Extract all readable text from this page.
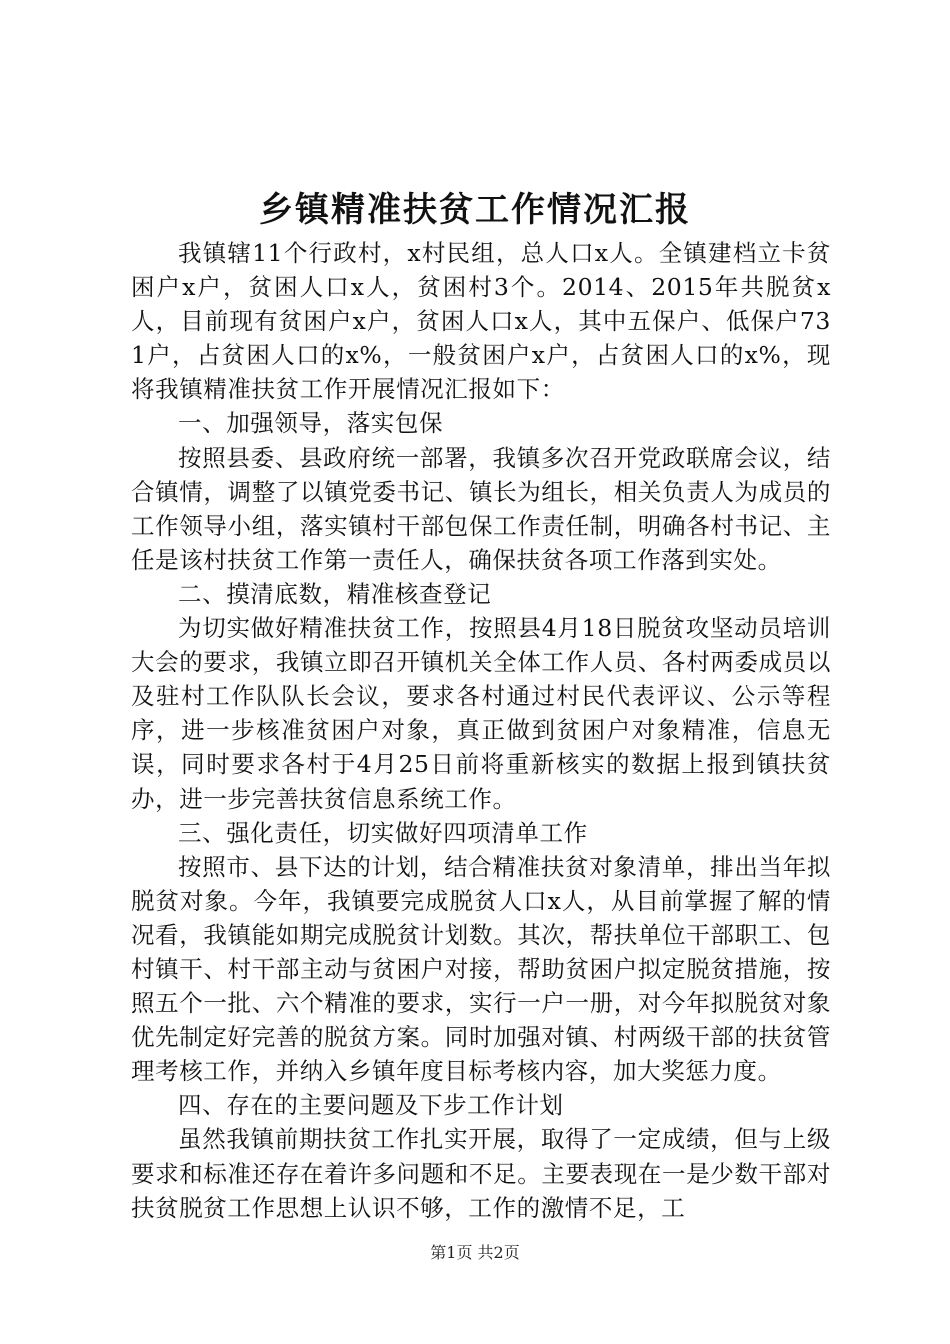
乡镇精准扶贫工作情况汇报

我镇辖11个行政村，x村民组，总人口x人。全镇建档立卡贫困户x户，贫困人口x人，贫困村3个。2014、2015年共脱贫x人，目前现有贫困户x户，贫困人口x人，其中五保户、低保户731户，占贫困人口的x%，一般贫困户x户，占贫困人口的x%，现将我镇精准扶贫工作开展情况汇报如下：

一、加强领导，落实包保

按照县委、县政府统一部署，我镇多次召开党政联席会议，结合镇情，调整了以镇党委书记、镇长为组长，相关负责人为成员的工作领导小组，落实镇村干部包保工作责任制，明确各村书记、主任是该村扶贫工作第一责任人，确保扶贫各项工作落到实处。

二、摸清底数，精准核查登记

为切实做好精准扶贫工作，按照县4月18日脱贫攻坚动员培训大会的要求，我镇立即召开镇机关全体工作人员、各村两委成员以及驻村工作队队长会议，要求各村通过村民代表评议、公示等程序，进一步核准贫困户对象，真正做到贫困户对象精准，信息无误，同时要求各村于4月25日前将重新核实的数据上报到镇扶贫办，进一步完善扶贫信息系统工作。

三、强化责任，切实做好四项清单工作

按照市、县下达的计划，结合精准扶贫对象清单，排出当年拟脱贫对象。今年，我镇要完成脱贫人口x人，从目前掌握了解的情况看，我镇能如期完成脱贫计划数。其次，帮扶单位干部职工、包村镇干、村干部主动与贫困户对接，帮助贫困户拟定脱贫措施，按照五个一批、六个精准的要求，实行一户一册，对今年拟脱贫对象优先制定好完善的脱贫方案。同时加强对镇、村两级干部的扶贫管理考核工作，并纳入乡镇年度目标考核内容，加大奖惩力度。

四、存在的主要问题及下步工作计划

虽然我镇前期扶贫工作扎实开展，取得了一定成绩，但与上级要求和标准还存在着许多问题和不足。主要表现在一是少数干部对扶贫脱贫工作思想上认识不够，工作的激情不足，工

第1页 共2页
